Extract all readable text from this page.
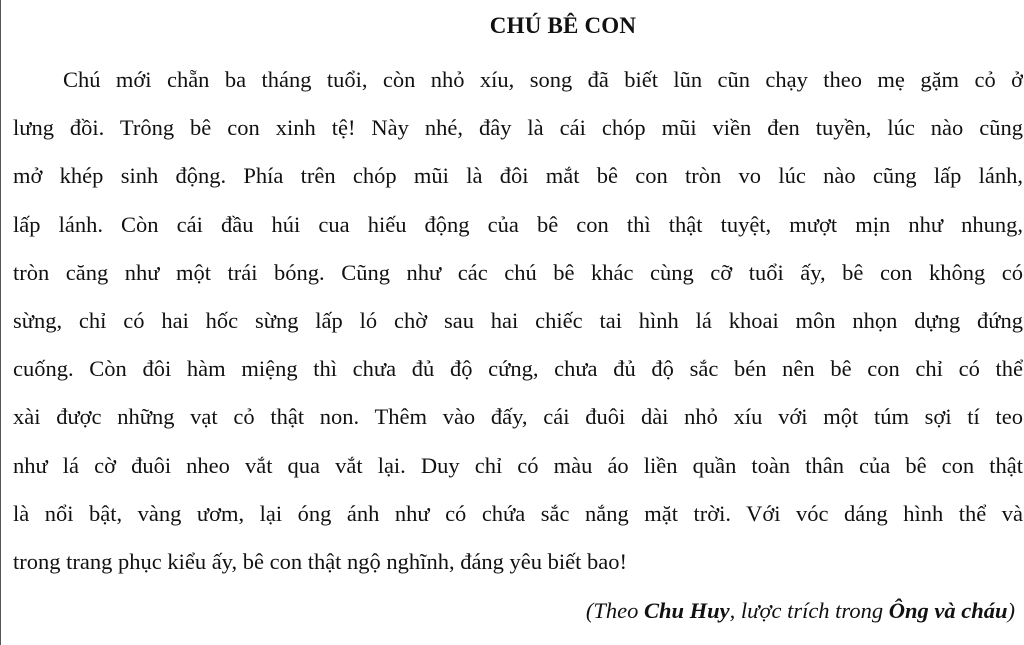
CHÚ BÊ CON
Chú mới chẵn ba tháng tuổi, còn nhỏ xíu, song đã biết lũn cũn chạy theo mẹ gặm cỏ ở
lưng đồi. Trông bê con xinh tệ! Này nhé, đây là cái chóp mũi viền đen tuyền, lúc nào cũng
mở khép sinh động. Phía trên chóp mũi là đôi mắt bê con tròn vo lúc nào cũng lấp lánh,
lấp lánh. Còn cái đầu húi cua hiếu động của bê con thì thật tuyệt, mượt mịn như nhung,
tròn căng như một trái bóng. Cũng như các chú bê khác cùng cỡ tuổi ấy, bê con không có
sừng, chỉ có hai hốc sừng lấp ló chờ sau hai chiếc tai hình lá khoai môn nhọn dựng đứng
cuống. Còn đôi hàm miệng thì chưa đủ độ cứng, chưa đủ độ sắc bén nên bê con chỉ có thể
xài được những vạt cỏ thật non. Thêm vào đấy, cái đuôi dài nhỏ xíu với một túm sợi tí teo
như lá cờ đuôi nheo vắt qua vắt lại. Duy chỉ có màu áo liền quần toàn thân của bê con thật
là nổi bật, vàng ươm, lại óng ánh như có chứa sắc nắng mặt trời. Với vóc dáng hình thể và
trong trang phục kiểu ấy, bê con thật ngộ nghĩnh, đáng yêu biết bao!
(Theo Chu Huy, lược trích trong Ông và cháu)
